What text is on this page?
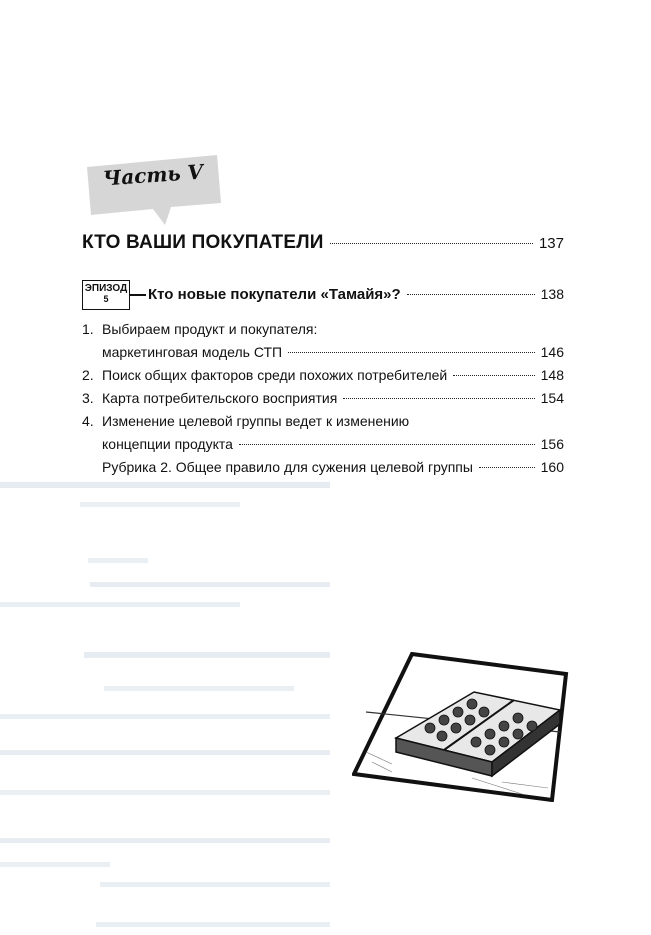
Часть V
КТО ВАШИ ПОКУПАТЕЛИ	137
ЭПИЗОД
5	Кто новые покупатели «Тамайя»?	138
1. Выбираем продукт и покупателя:
маркетинговая модель СТП	146
2. Поиск общих факторов среди похожих потребителей	148
3. Карта потребительского восприятия	154
4. Изменение целевой группы ведет к изменению
концепции продукта	156
Рубрика 2. Общее правило для сужения целевой группы	160
